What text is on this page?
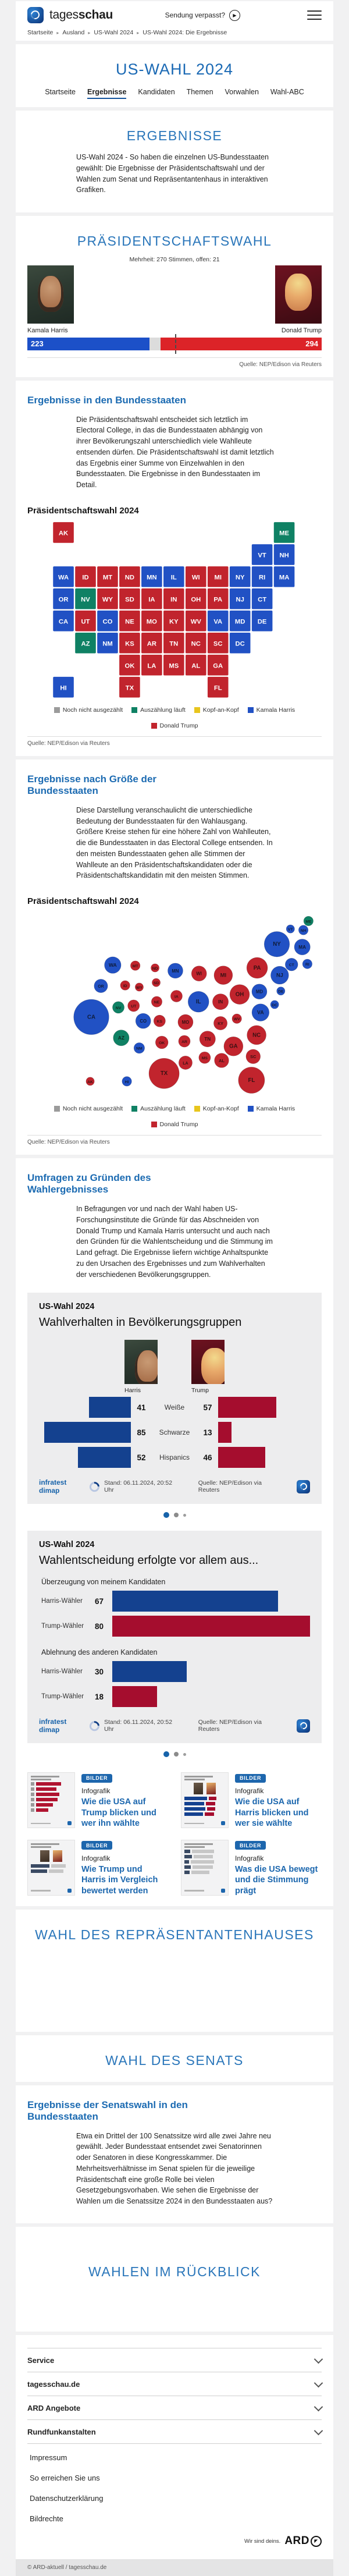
tagesschau	Sendung verpasst?	▶
Startseite ▸ Ausland ▸ US-Wahl 2024 ▸ US-Wahl 2024: Die Ergebnisse
US-WAHL 2024
Startseite Ergebnisse Kandidaten Themen Vorwahlen Wahl-ABC
ERGEBNISSE

US-Wahl 2024 - So haben die einzelnen US-Bundesstaaten gewählt: Die Ergebnisse der Präsidentschaftswahl und der Wahlen zum Senat und Repräsentantenhaus in interaktiven Grafiken.

PRÄSIDENTSCHAFTSWAHL
Mehrheit: 270 Stimmen, offen: 21
Kamala Harris	Donald Trump
223	294
Quelle: NEP/Edison via Reuters
Ergebnisse in den Bundesstaaten

Die Präsidentschaftswahl entscheidet sich letztlich im Electoral College, in das die Bundesstaaten abhängig von ihrer Bevölkerungszahl unterschiedlich viele Wahlleute entsenden dürfen. Die Präsidentschaftswahl ist damit letztlich das Ergebnis einer Summe von Einzelwahlen in den Bundesstaaten. Die Ergebnisse in den Bundesstaaten im Detail.

Präsidentschaftswahl 2024
AK	ME
VT NH
WA ID	MT ND MN	IL	WI	MI	NY	RI MA
OR NV WY SD	IA	IN	OH PA NJ CT
CA UT CO NE MO KY WV VA MD DE
AZ NM KS AR TN NC SC DC
OK LA MS AL GA
HI	TX	FL
Noch nicht ausgezählt	Auszählung läuft	Kopf-an-Kopf	Kamala Harris
Donald Trump
Quelle: NEP/Edison via Reuters
Ergebnisse nach Größe der Bundesstaaten

Diese Darstellung veranschaulicht die unterschiedliche Bedeutung der Bundesstaaten für den Wahlausgang. Größere Kreise stehen für eine höhere Zahl von Wahlleuten, die die Bundesstaaten in das Electoral College entsenden. In den meisten Bundesstaaten gehen alle Stimmen der Wahlleute an den Präsidentschaftskandidaten oder die Präsidentschaftskandidatin mit den meisten Stimmen.

Präsidentschaftswahl 2024
CA
TX
FL
NY
PA
IL
OH
GA
NC
MI	NJ
VA
WA
AZ
MA
TN
IN
MD
MN
MO
WI
CO
AL
SC
KY
LA
OR
OK
CT
UT
IA
NV
AR
KS
MS
NM
NE
ID
WV
HI
ME
MT
NH
RI
DE
SD
ND
AK
VT
WY
DC
Noch nicht ausgezählt	Auszählung läuft	Kopf-an-Kopf	Kamala Harris
Donald Trump
Quelle: NEP/Edison via Reuters
Umfragen zu Gründen des Wahlergebnisses

In Befragungen vor und nach der Wahl haben US-Forschungsinstitute die Gründe für das Abschneiden von Donald Trump und Kamala Harris untersucht und auch nach den Gründen für die Wahlentscheidung und die Stimmung im Land gefragt. Die Ergebnisse liefern wichtige Anhaltspunkte zu den Ursachen des Ergebnisses und zum Wahlverhalten der verschiedenen Bevölkerungsgruppen.

US-Wahl 2024
Wahlverhalten in Bevölkerungsgruppen
Harris	Trump
41	Weiße	57
85	Schwarze	13
52	Hispanics	46
infratest dimap
Stand: 06.11.2024, 20:52 Uhr
Quelle: NEP/Edison via Reuters
US-Wahl 2024
Wahlentscheidung erfolgte vor allem aus...
Überzeugung von meinem Kandidaten
Harris-Wähler	67
Trump-Wähler	80
Ablehnung des anderen Kandidaten
Harris-Wähler	30
Trump-Wähler	18
infratest dimap
Stand: 06.11.2024, 20:52 Uhr
Quelle: NEP/Edison via Reuters
BILDER
Infografik
Wie die USA auf Trump blicken und wer ihn wählte
BILDER
Infografik
Wie die USA auf Harris blicken und wer sie wählte
BILDER
Infografik
Wie Trump und Harris im Vergleich bewertet werden
BILDER
Infografik
Was die USA bewegt und die Stimmung prägt
WAHL DES REPRÄSENTANTENHAUSES
WAHL DES SENATS
Ergebnisse der Senatswahl in den Bundesstaaten

Etwa ein Drittel der 100 Senatssitze wird alle zwei Jahre neu gewählt. Jeder Bundesstaat entsendet zwei Senatorinnen oder Senatoren in diese Kongresskammer. Die Mehrheitsverhältnisse im Senat spielen für die jeweilige Präsidentschaft eine große Rolle bei vielen Gesetzgebungsvorhaben. Wie sehen die Ergebnisse der Wahlen um die Senatssitze 2024 in den Bundesstaaten aus?

WAHLEN IM RÜCKBLICK
Service
tagesschau.de
ARD Angebote
Rundfunkanstalten
Impressum
So erreichen Sie uns
Datenschutzerklärung
Bildrechte
Wir sind deins. ARD	◤
© ARD-aktuell / tagesschau.de
